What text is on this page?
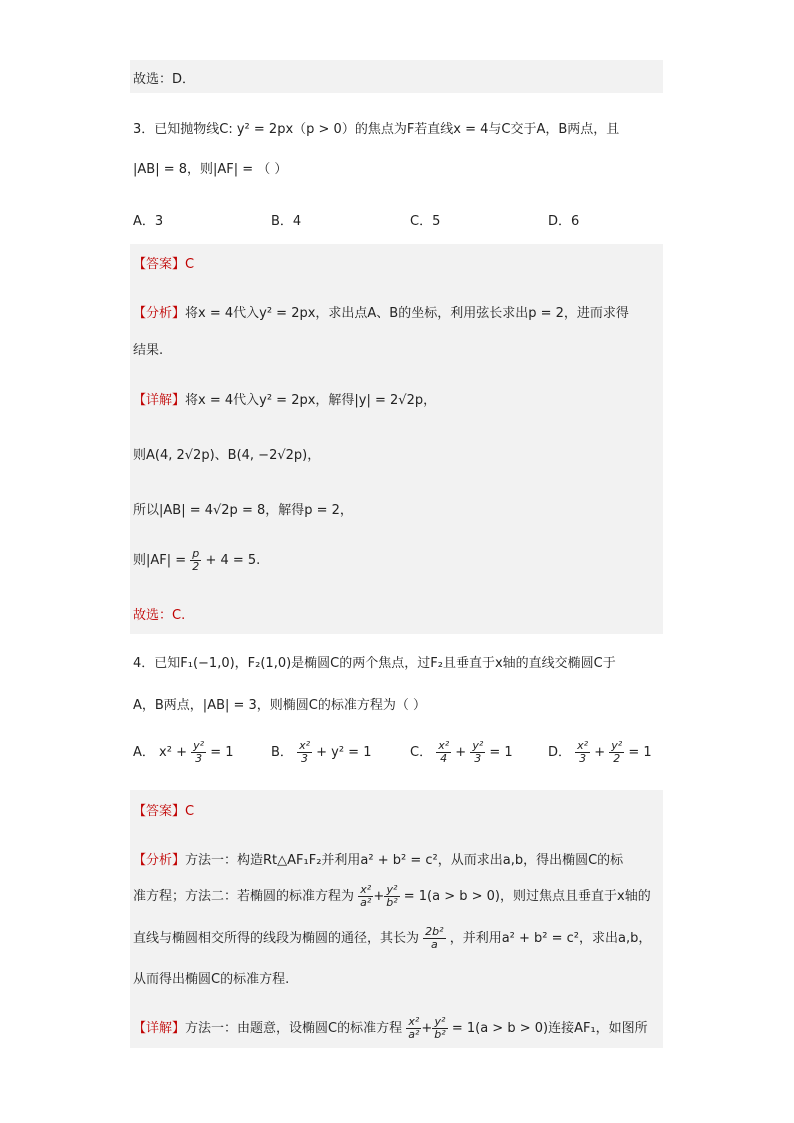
故选：D．
3．已知抛物线C: y² = 2px（p > 0）的焦点为F若直线x = 4与C交于A，B两点，且
|AB| = 8，则|AF| = （ ）
A．3	B．4	C．5	D．6
【答案】C
【分析】将x = 4代入y² = 2px，求出点A、B的坐标，利用弦长求出p = 2，进而求得
结果.
【详解】将x = 4代入y² = 2px，解得|y| = 2√2p，
则A(4, 2√2p)、B(4, −2√2p)，
所以|AB| = 4√2p = 8，解得p = 2，
则$|AF| = \frac{p}{2} + 4 = 5$.
故选：C.
4．已知F₁(−1,0)，F₂(1,0)是椭圆C的两个焦点，过F₂且垂直于x轴的直线交椭圆C于
A，B两点，|AB| = 3，则椭圆C的标准方程为（ ）
A． $x^2 + \frac{\text{y²}}{3} = 1$	B． $\frac{\text{x²}}{3} + y^2 = 1$	C． $\frac{\text{x²}}{4} + \frac{\text{y²}}{3} = 1$	D． $\frac{\text{x²}}{3} + \frac{\text{y²}}{2} = 1$
【答案】C
【分析】方法一：构造Rt△AF₁F₂并利用a² + b² = c²，从而求出a,b，得出椭圆C的标
准方程；方法二：若椭圆的标准方程为 $\frac{\text{x²}}{\text{a²}} + \frac{\text{y²}}{\text{b²}} = 1(a > b > 0)$，则过焦点且垂直于x轴的
直线与椭圆相交所得的线段为椭圆的通径，其长为 $\frac{\text{2b²}}{a}$ ，并利用a² + b² = c²，求出a,b，
从而得出椭圆C的标准方程.
【详解】方法一：由题意，设椭圆C的标准方程 $\frac{\text{x²}}{\text{a²}} + \frac{\text{y²}}{\text{b²}} = 1(a > b > 0)$连接AF₁，如图所
